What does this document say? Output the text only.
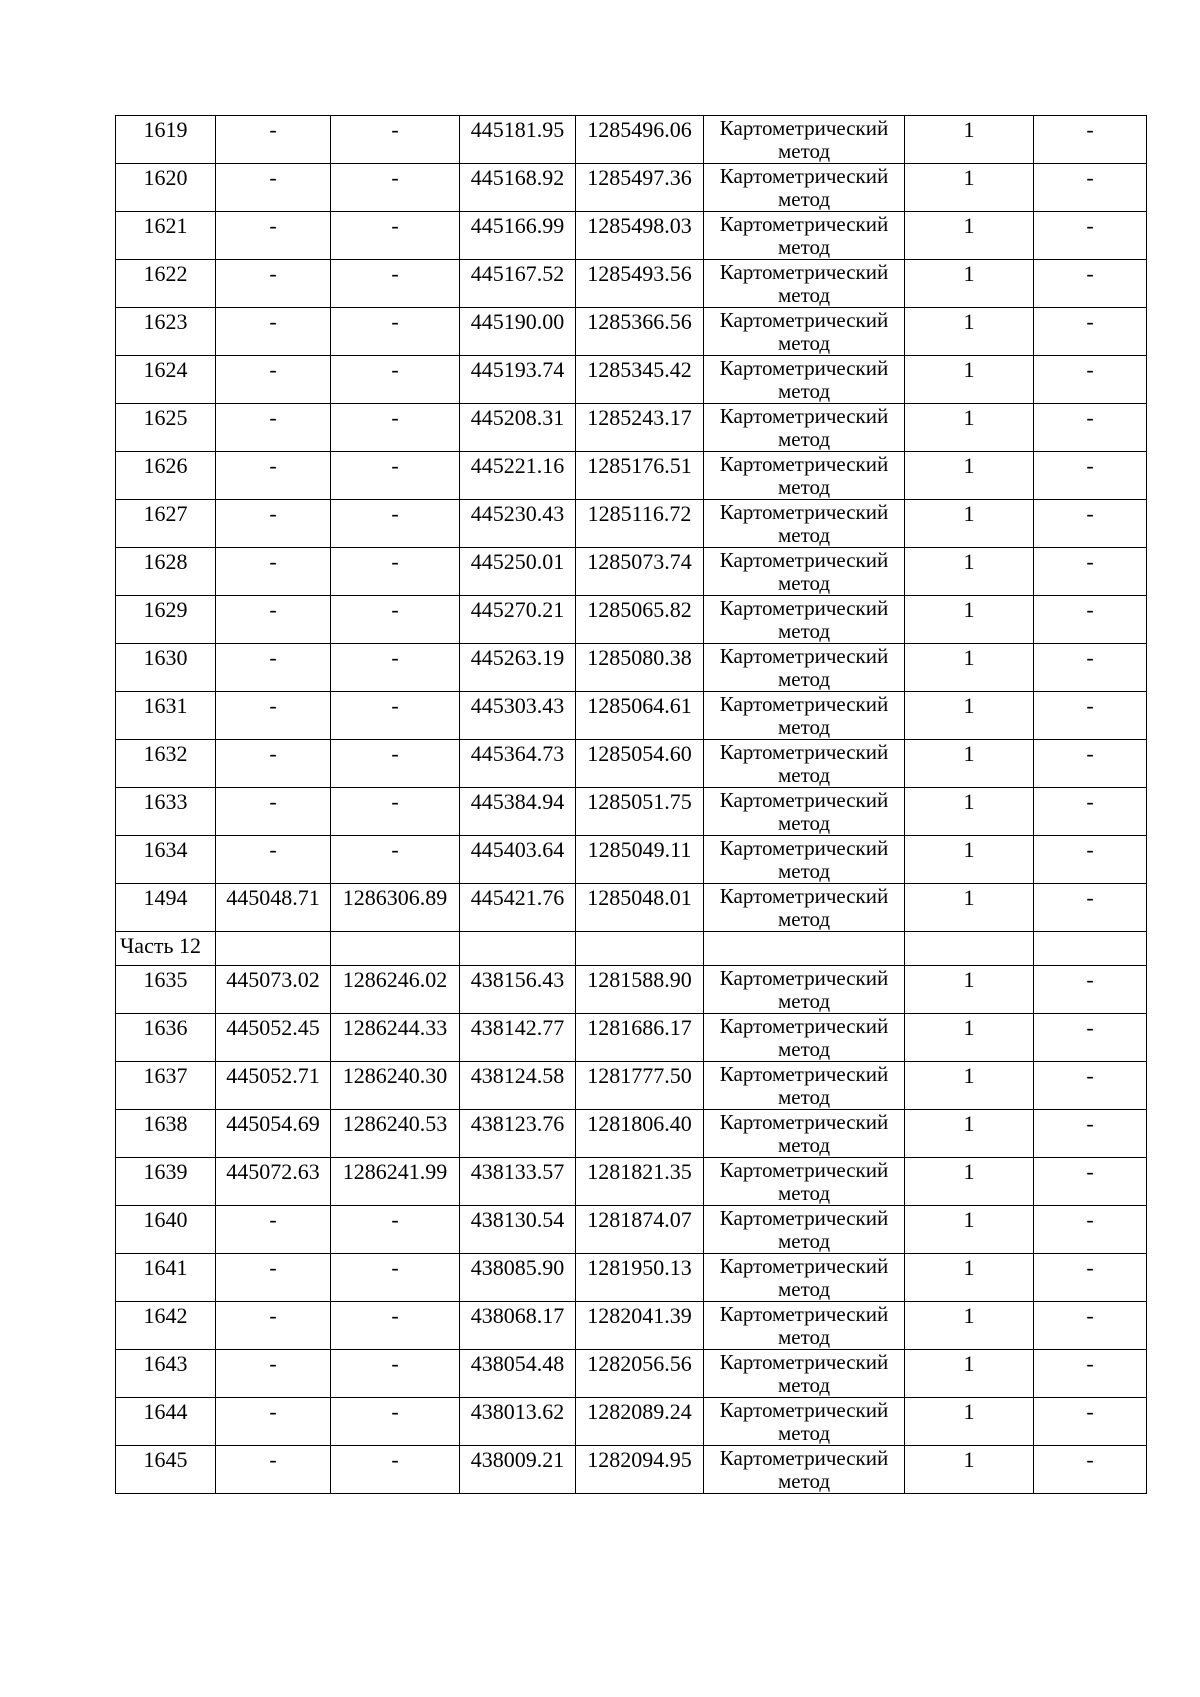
1619	-	-	445181.95	1285496.06	Картометрический метод	1	-
1620	-	-	445168.92	1285497.36	Картометрический метод	1	-
1621	-	-	445166.99	1285498.03	Картометрический метод	1	-
1622	-	-	445167.52	1285493.56	Картометрический метод	1	-
1623	-	-	445190.00	1285366.56	Картометрический метод	1	-
1624	-	-	445193.74	1285345.42	Картометрический метод	1	-
1625	-	-	445208.31	1285243.17	Картометрический метод	1	-
1626	-	-	445221.16	1285176.51	Картометрический метод	1	-
1627	-	-	445230.43	1285116.72	Картометрический метод	1	-
1628	-	-	445250.01	1285073.74	Картометрический метод	1	-
1629	-	-	445270.21	1285065.82	Картометрический метод	1	-
1630	-	-	445263.19	1285080.38	Картометрический метод	1	-
1631	-	-	445303.43	1285064.61	Картометрический метод	1	-
1632	-	-	445364.73	1285054.60	Картометрический метод	1	-
1633	-	-	445384.94	1285051.75	Картометрический метод	1	-
1634	-	-	445403.64	1285049.11	Картометрический метод	1	-
1494	445048.71	1286306.89	445421.76	1285048.01	Картометрический метод	1	-
Часть 12							
1635	445073.02	1286246.02	438156.43	1281588.90	Картометрический метод	1	-
1636	445052.45	1286244.33	438142.77	1281686.17	Картометрический метод	1	-
1637	445052.71	1286240.30	438124.58	1281777.50	Картометрический метод	1	-
1638	445054.69	1286240.53	438123.76	1281806.40	Картометрический метод	1	-
1639	445072.63	1286241.99	438133.57	1281821.35	Картометрический метод	1	-
1640	-	-	438130.54	1281874.07	Картометрический метод	1	-
1641	-	-	438085.90	1281950.13	Картометрический метод	1	-
1642	-	-	438068.17	1282041.39	Картометрический метод	1	-
1643	-	-	438054.48	1282056.56	Картометрический метод	1	-
1644	-	-	438013.62	1282089.24	Картометрический метод	1	-
1645	-	-	438009.21	1282094.95	Картометрический метод	1	-
